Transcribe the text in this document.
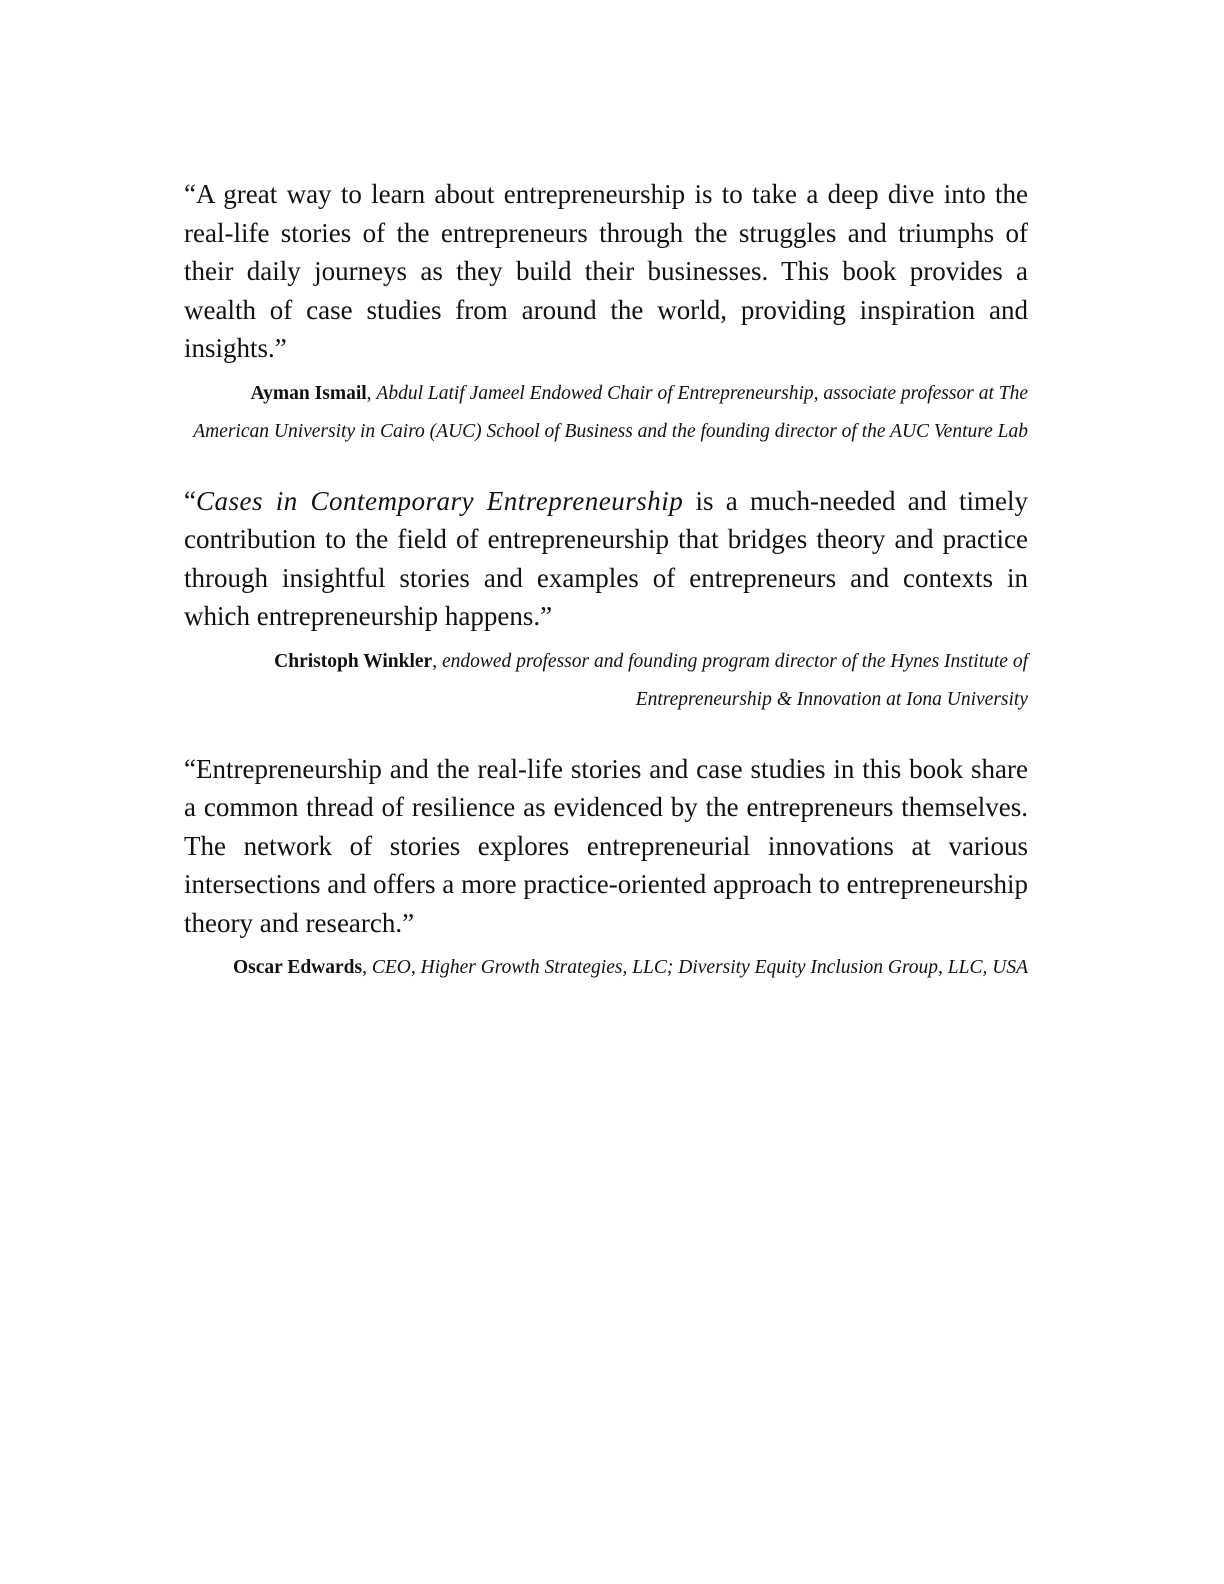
“A great way to learn about entrepreneurship is to take a deep dive into the real-life stories of the entrepreneurs through the struggles and triumphs of their daily journeys as they build their businesses. This book provides a wealth of case studies from around the world, providing inspiration and insights.”

Ayman Ismail, Abdul Latif Jameel Endowed Chair of Entrepreneurship, associate professor at The American University in Cairo (AUC) School of Business and the founding director of the AUC Venture Lab

“Cases in Contemporary Entrepreneurship is a much-needed and timely contribution to the field of entrepreneurship that bridges theory and practice through insightful stories and examples of entrepreneurs and contexts in which entrepreneurship happens.”

Christoph Winkler, endowed professor and founding program director of the Hynes Institute of Entrepreneurship & Innovation at Iona University

“Entrepreneurship and the real-life stories and case studies in this book share a common thread of resilience as evidenced by the entrepreneurs themselves. The network of stories explores entrepreneurial innovations at various intersections and offers a more practice-oriented approach to entrepreneurship theory and research.”

Oscar Edwards, CEO, Higher Growth Strategies, LLC; Diversity Equity Inclusion Group, LLC, USA
